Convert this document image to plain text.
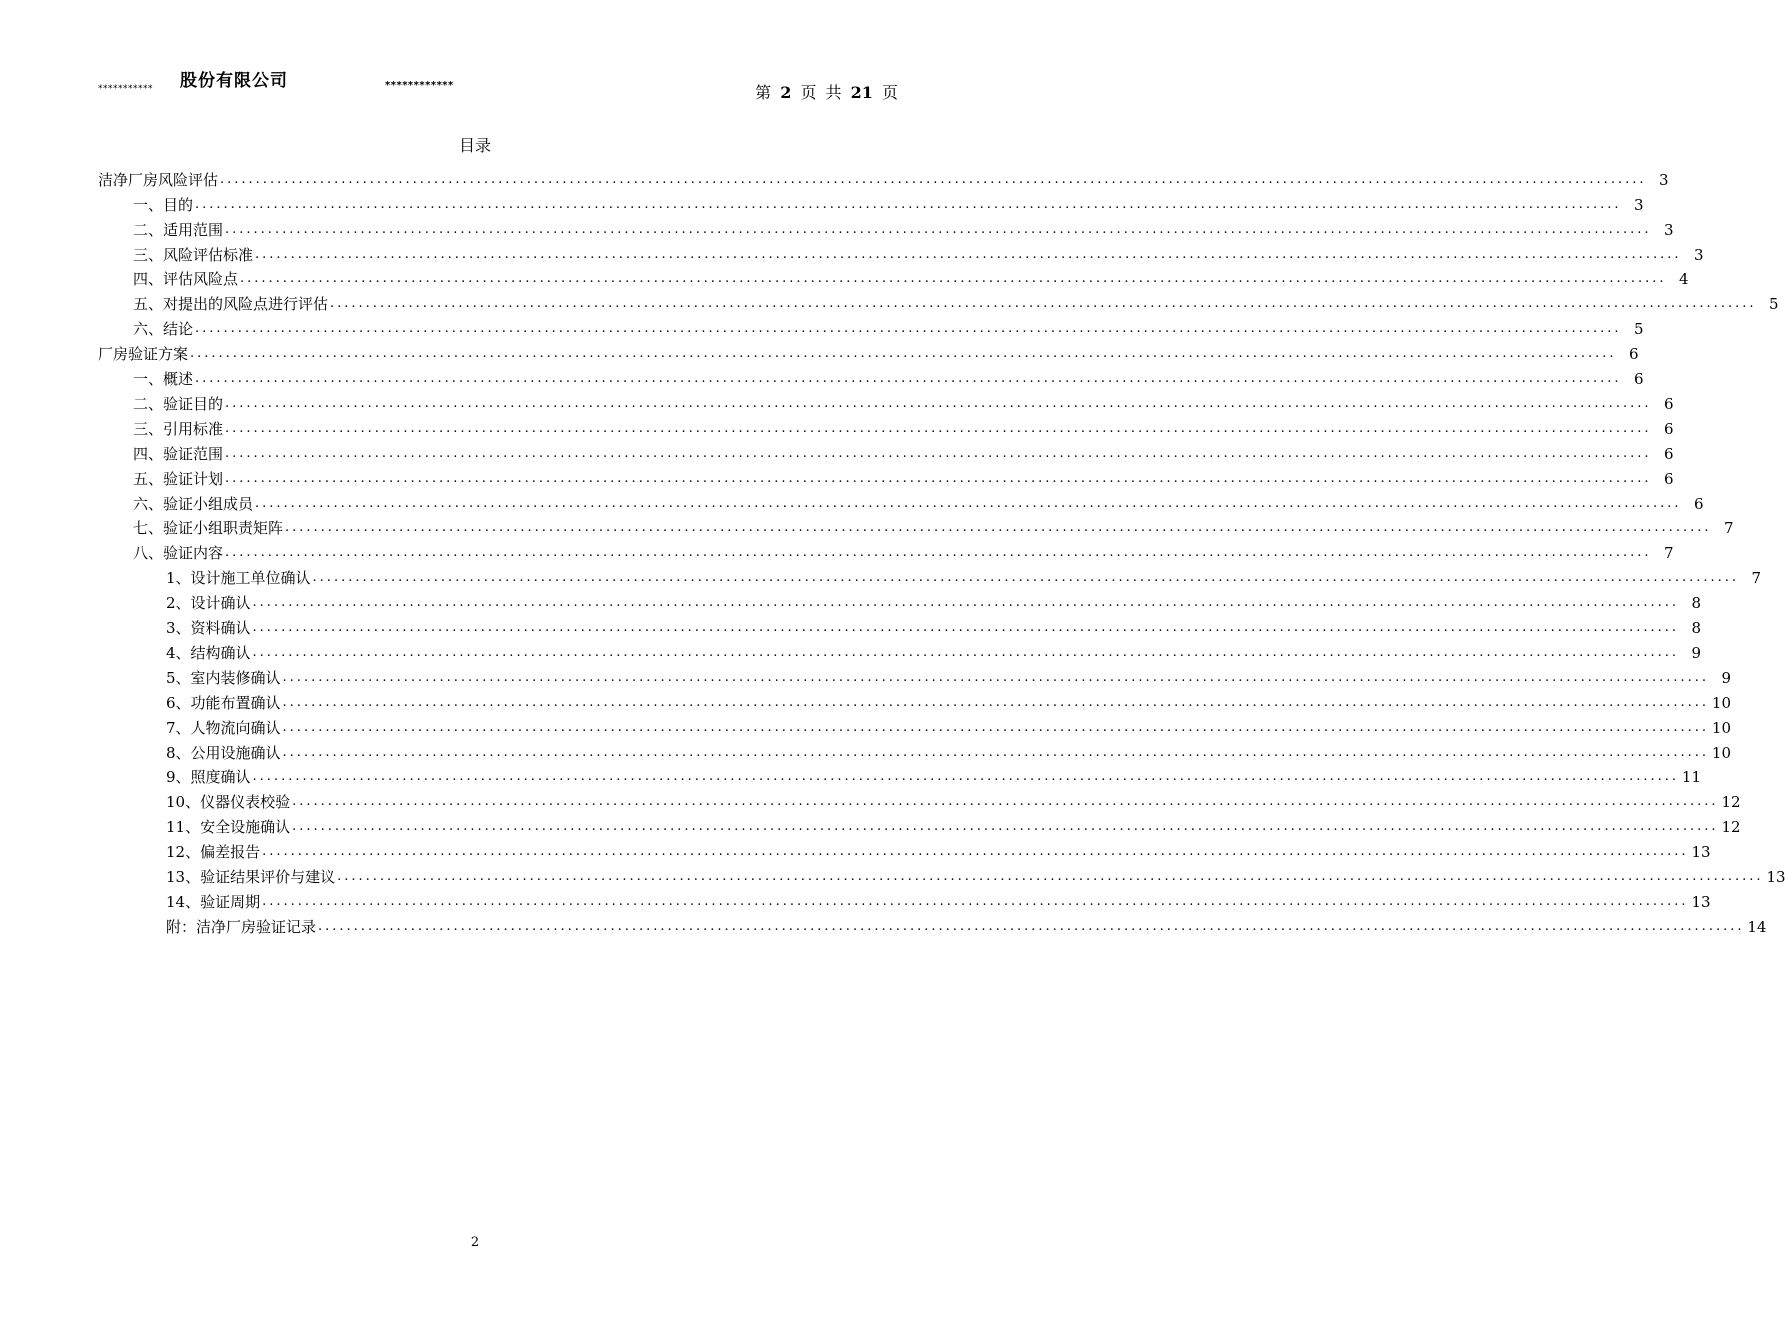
*********** 股份有限公司	************	第 2 页 共 21 页
目录
洁净厂房风险评估 ........................................................................................................................................................................................................ 3
一、目的 ........................................................................................................................................................................................................ 3
二、适用范围 ........................................................................................................................................................................................................ 3
三、风险评估标准 ........................................................................................................................................................................................................ 3
四、评估风险点 ........................................................................................................................................................................................................ 4
五、对提出的风险点进行评估 ........................................................................................................................................................................................................ 5
六、结论 ........................................................................................................................................................................................................ 5
厂房验证方案 ........................................................................................................................................................................................................ 6
一、概述 ........................................................................................................................................................................................................ 6
二、验证目的 ........................................................................................................................................................................................................ 6
三、引用标准 ........................................................................................................................................................................................................ 6
四、验证范围 ........................................................................................................................................................................................................ 6
五、验证计划 ........................................................................................................................................................................................................ 6
六、验证小组成员 ........................................................................................................................................................................................................ 6
七、验证小组职责矩阵 ........................................................................................................................................................................................................ 7
八、验证内容 ........................................................................................................................................................................................................ 7
1、设计施工单位确认 ........................................................................................................................................................................................................ 7
2、设计确认 ........................................................................................................................................................................................................ 8
3、资料确认 ........................................................................................................................................................................................................ 8
4、结构确认 ........................................................................................................................................................................................................ 9
5、室内装修确认 ........................................................................................................................................................................................................ 9
6、功能布置确认 ........................................................................................................................................................................................................ 10
7、人物流向确认 ........................................................................................................................................................................................................ 10
8、公用设施确认 ........................................................................................................................................................................................................ 10
9、照度确认 ........................................................................................................................................................................................................ 11
10、仪器仪表校验 ........................................................................................................................................................................................................ 12
11、安全设施确认 ........................................................................................................................................................................................................ 12
12、偏差报告 ........................................................................................................................................................................................................ 13
13、验证结果评价与建议 ........................................................................................................................................................................................................ 13
14、验证周期 ........................................................................................................................................................................................................ 13
附：洁净厂房验证记录 ........................................................................................................................................................................................................ 14
2
